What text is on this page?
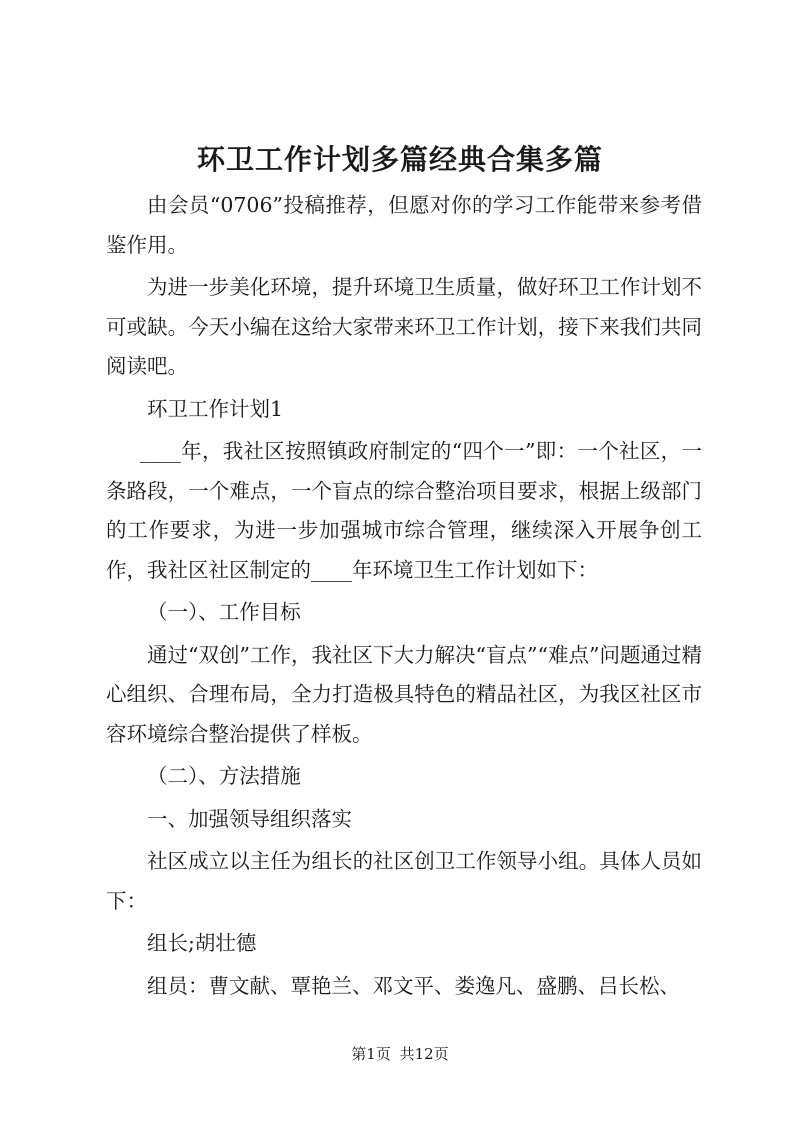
环卫工作计划多篇经典合集多篇

由会员“0706”投稿推荐，但愿对你的学习工作能带来参考借鉴作用。

为进一步美化环境，提升环境卫生质量，做好环卫工作计划不可或缺。今天小编在这给大家带来环卫工作计划，接下来我们共同阅读吧。

环卫工作计划1

____年，我社区按照镇政府制定的“四个一”即：一个社区，一条路段，一个难点，一个盲点的综合整治项目要求，根据上级部门的工作要求，为进一步加强城市综合管理，继续深入开展争创工作，我社区社区制定的____年环境卫生工作计划如下：

（一）、工作目标

通过“双创”工作，我社区下大力解决“盲点”“难点”问题通过精心组织、合理布局，全力打造极具特色的精品社区，为我区社区市容环境综合整治提供了样板。

（二）、方法措施

一、加强领导组织落实

社区成立以主任为组长的社区创卫工作领导小组。具体人员如下：

组长;胡壮德

组员：曹文献、覃艳兰、邓文平、娄逸凡、盛鹏、吕长松、

第1页 共12页
